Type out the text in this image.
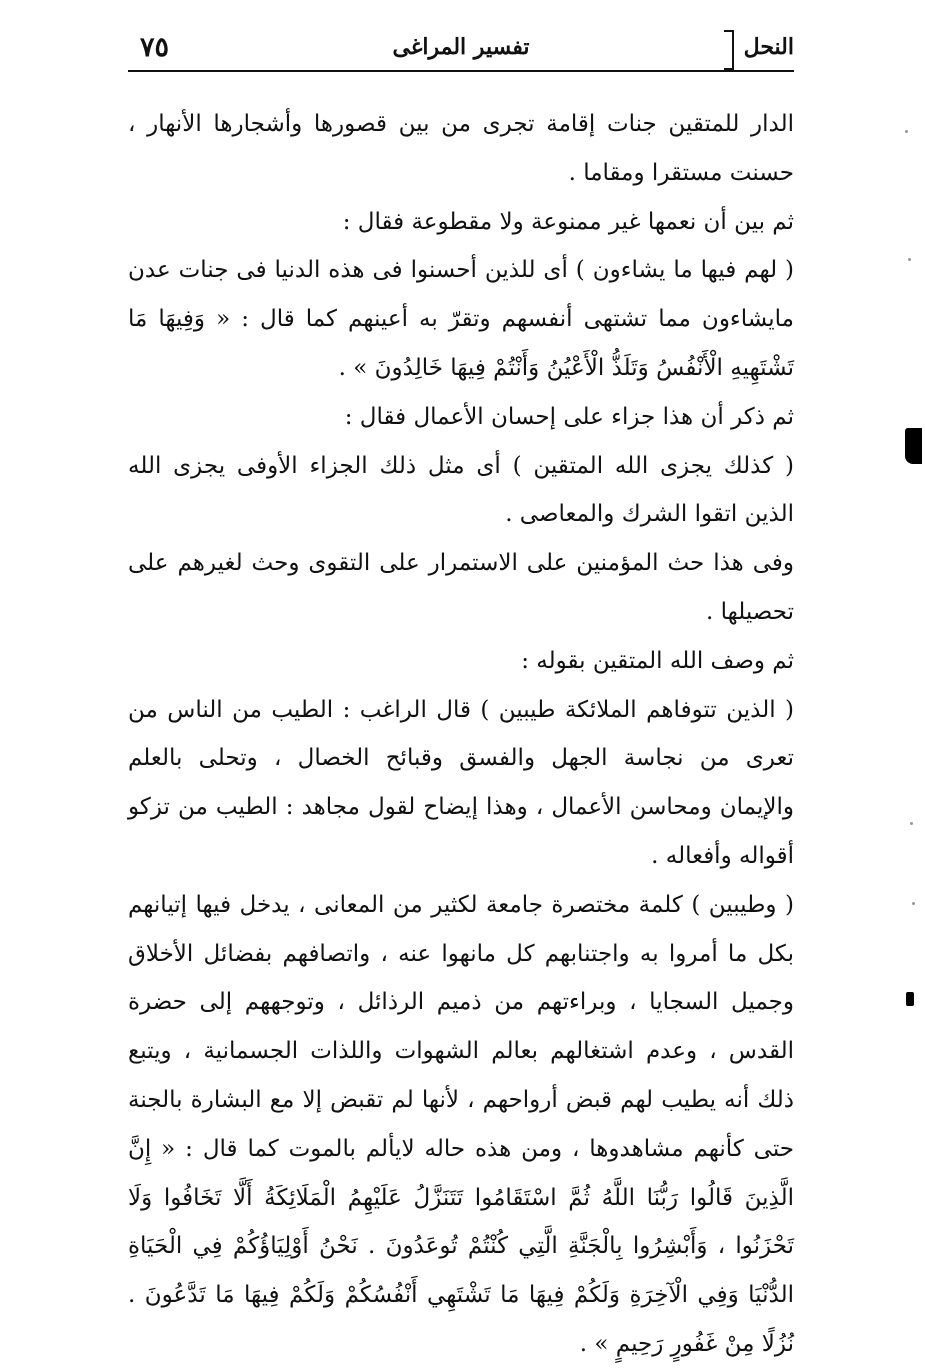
٧٥	تفسير المراغى	النحل

الدار للمتقين جنات إقامة تجرى من بين قصورها وأشجارها الأنهار ، حسنت مستقرا ومقاما .

ثم بين أن نعمها غير ممنوعة ولا مقطوعة فقال :

( لهم فيها ما يشاءون ) أى للذين أحسنوا فى هذه الدنيا فى جنات عدن مايشاءون مما تشتهى أنفسهم وتقرّ به أعينهم كما قال : « وَفِيهَا مَا تَشْتَهِيهِ الْأَنْفُسُ وَتَلَذُّ الْأَعْيُنُ وَأَنْتُمْ فِيهَا خَالِدُونَ » .

ثم ذكر أن هذا جزاء على إحسان الأعمال فقال :

( كذلك يجزى الله المتقين ) أى مثل ذلك الجزاء الأوفى يجزى الله الذين اتقوا الشرك والمعاصى .

وفى هذا حث المؤمنين على الاستمرار على التقوى وحث لغيرهم على تحصيلها .

ثم وصف الله المتقين بقوله :

( الذين تتوفاهم الملائكة طيبين ) قال الراغب : الطيب من الناس من تعرى من نجاسة الجهل والفسق وقبائح الخصال ، وتحلى بالعلم والإيمان ومحاسن الأعمال ، وهذا إيضاح لقول مجاهد : الطيب من تزكو أقواله وأفعاله .

( وطيبين ) كلمة مختصرة جامعة لكثير من المعانى ، يدخل فيها إتيانهم بكل ما أمروا به واجتنابهم كل مانهوا عنه ، واتصافهم بفضائل الأخلاق وجميل السجايا ، وبراءتهم من ذميم الرذائل ، وتوجههم إلى حضرة القدس ، وعدم اشتغالهم بعالم الشهوات واللذات الجسمانية ، ويتبع ذلك أنه يطيب لهم قبض أرواحهم ، لأنها لم تقبض إلا مع البشارة بالجنة حتى كأنهم مشاهدوها ، ومن هذه حاله لايألم بالموت كما قال : « إِنَّ الَّذِينَ قَالُوا رَبُّنَا اللَّهُ ثُمَّ اسْتَقَامُوا تَتَنَزَّلُ عَلَيْهِمُ الْمَلَائِكَةُ أَلَّا تَخَافُوا وَلَا تَحْزَنُوا ، وَأَبْشِرُوا بِالْجَنَّةِ الَّتِي كُنْتُمْ تُوعَدُونَ . نَحْنُ أَوْلِيَاؤُكُمْ فِي الْحَيَاةِ الدُّنْيَا وَفِي الْآخِرَةِ وَلَكُمْ فِيهَا مَا تَشْتَهِي أَنْفُسُكُمْ وَلَكُمْ فِيهَا مَا تَدَّعُونَ . نُزُلًا مِنْ غَفُورٍ رَحِيمٍ » .
